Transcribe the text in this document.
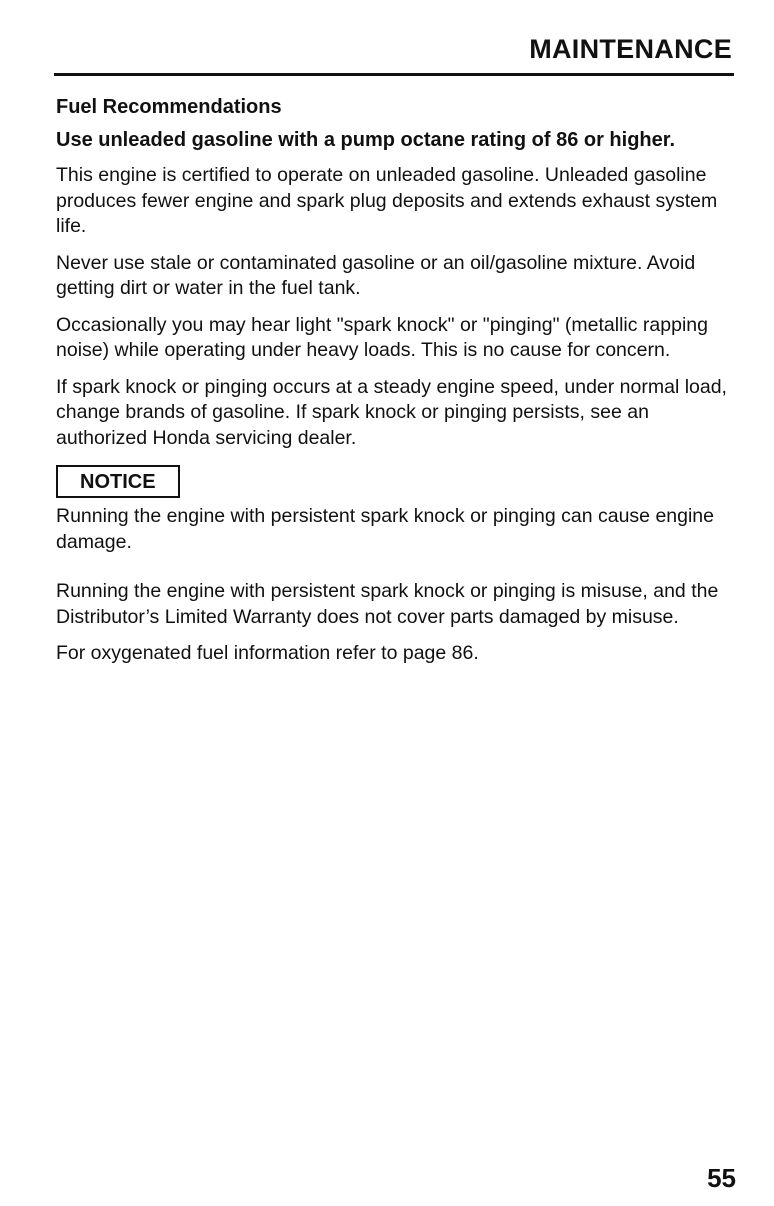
MAINTENANCE

Fuel Recommendations

Use unleaded gasoline with a pump octane rating of 86 or higher.

This engine is certified to operate on unleaded gasoline. Unleaded gasoline produces fewer engine and spark plug deposits and extends exhaust system life.

Never use stale or contaminated gasoline or an oil/gasoline mixture. Avoid getting dirt or water in the fuel tank.

Occasionally you may hear light "spark knock" or "pinging" (metallic rapping noise) while operating under heavy loads. This is no cause for concern.

If spark knock or pinging occurs at a steady engine speed, under normal load, change brands of gasoline. If spark knock or pinging persists, see an authorized Honda servicing dealer.

NOTICE

Running the engine with persistent spark knock or pinging can cause engine damage.

Running the engine with persistent spark knock or pinging is misuse, and the Distributor’s Limited Warranty does not cover parts damaged by misuse.

For oxygenated fuel information refer to page 86.

55
